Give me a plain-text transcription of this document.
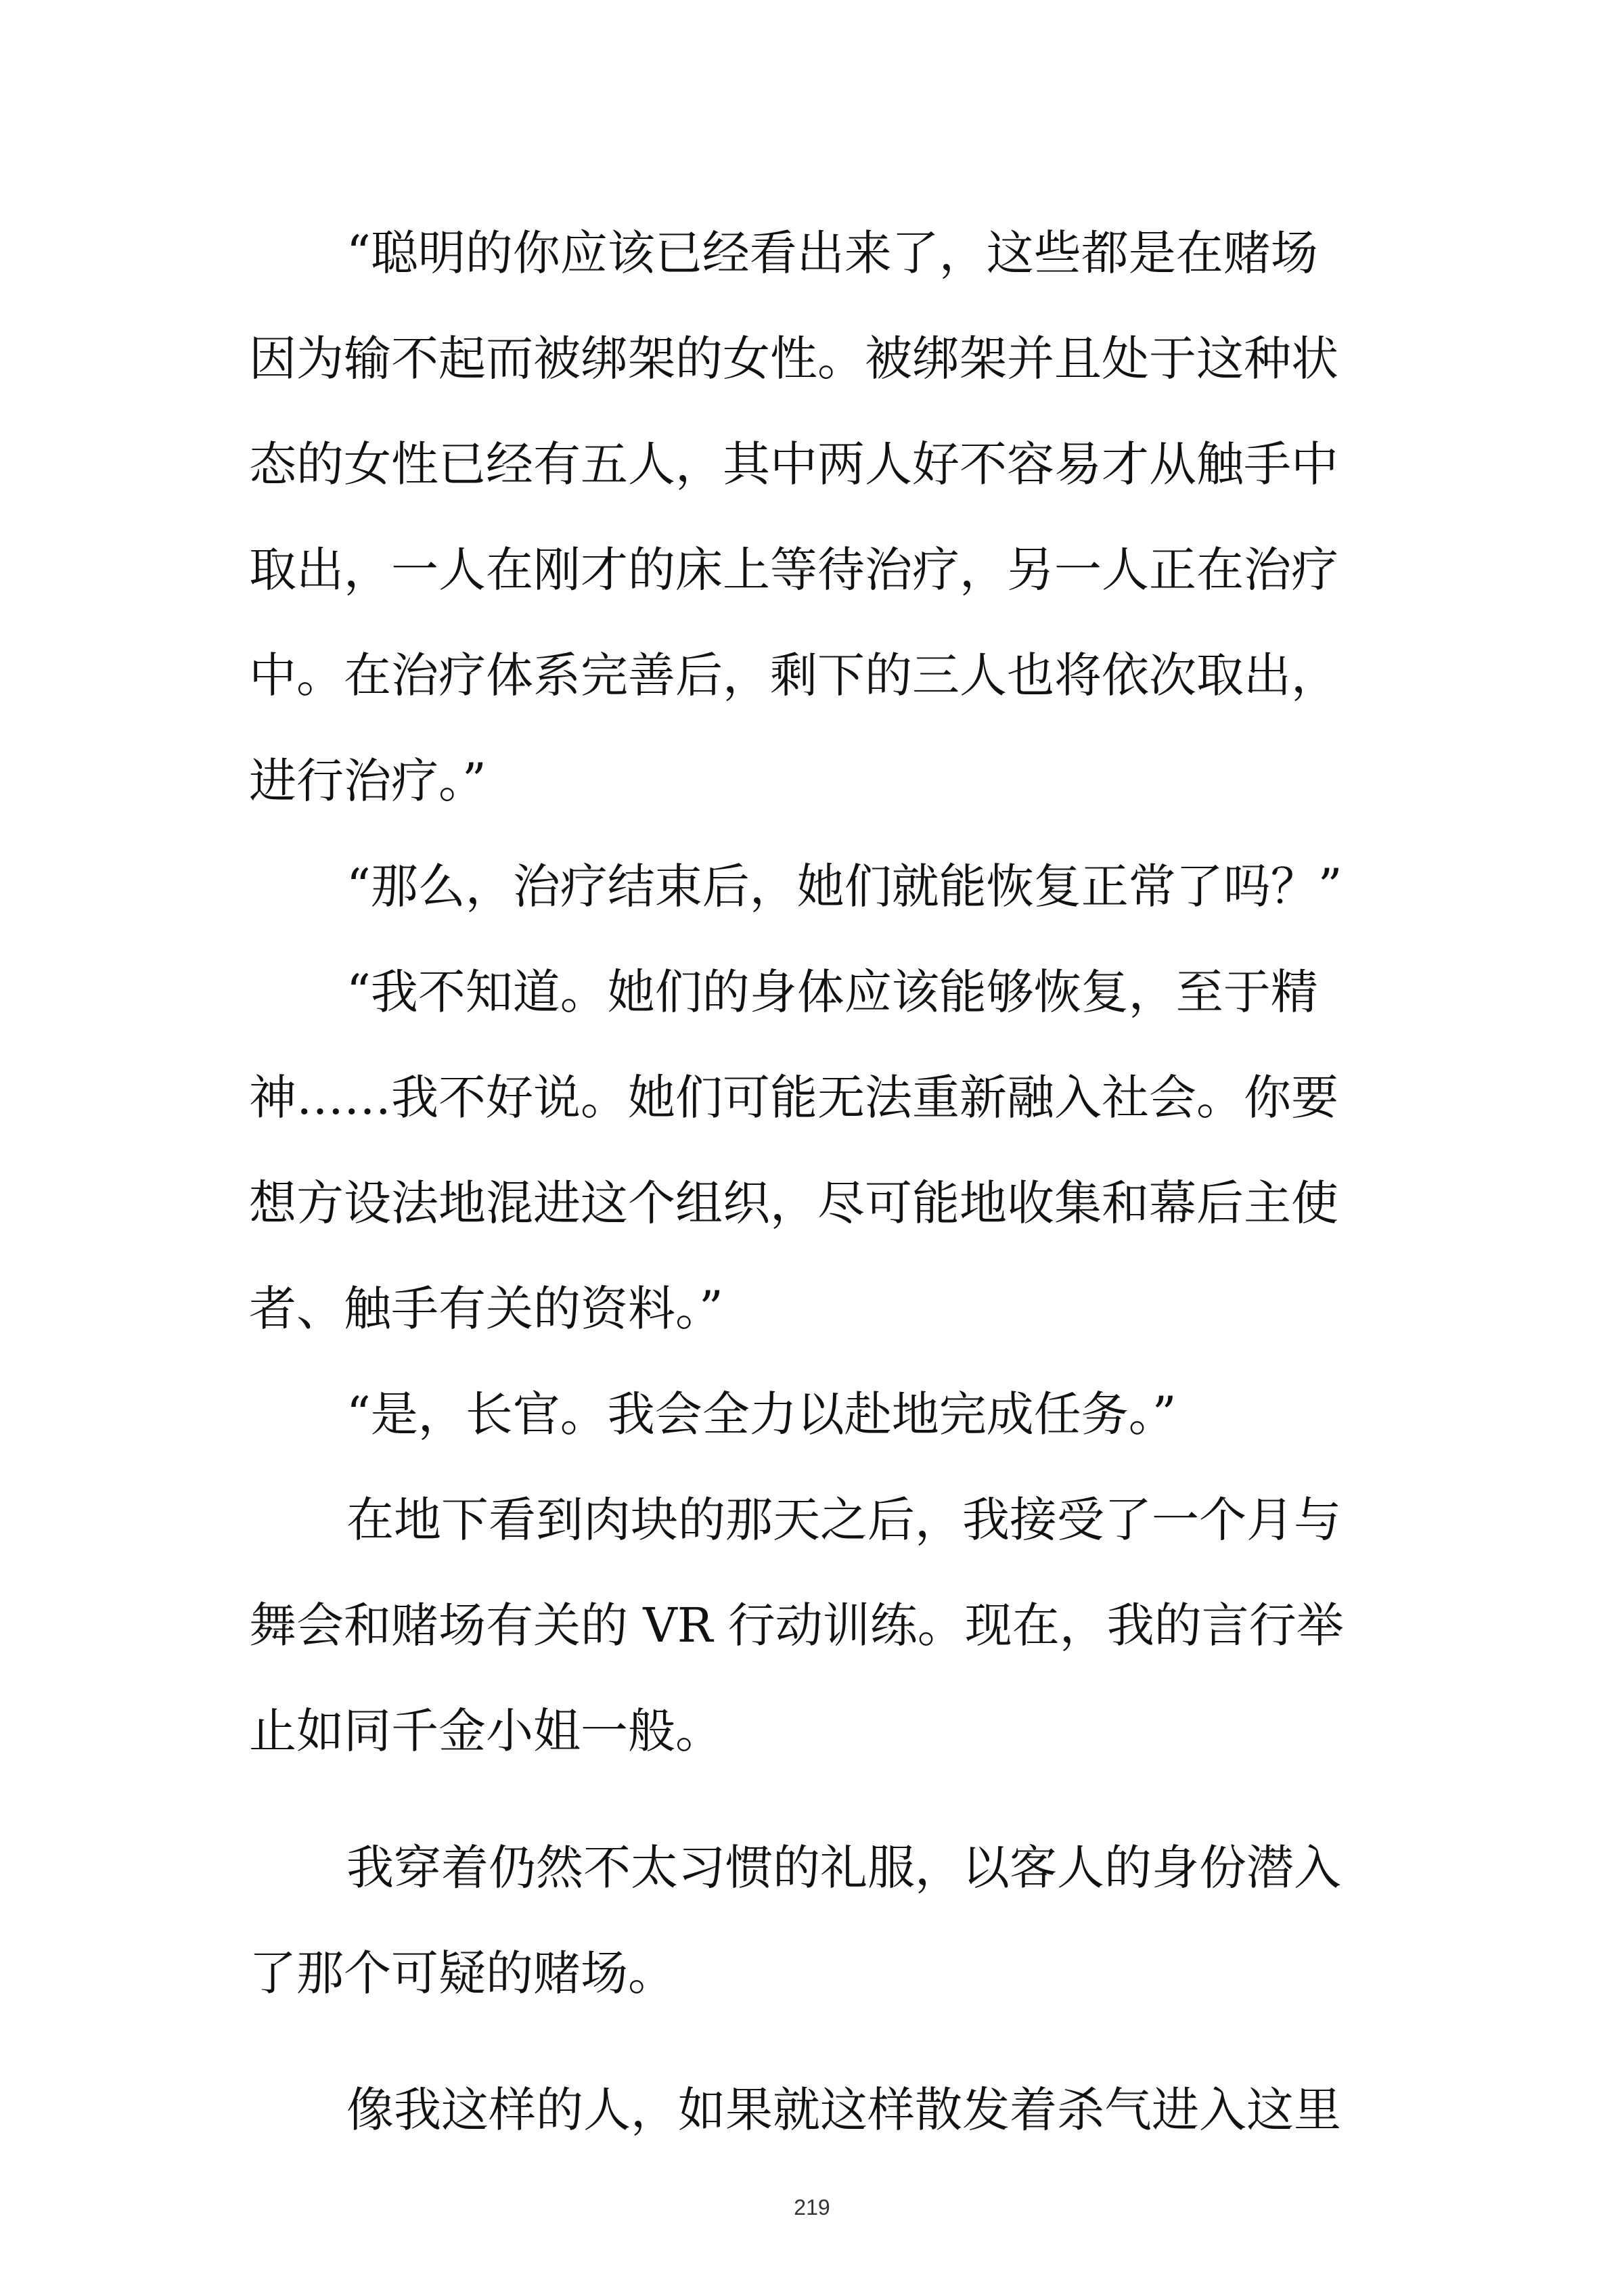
“聪明的你应该已经看出来了，这些都是在赌场
因为输不起而被绑架的女性。被绑架并且处于这种状
态的女性已经有五人，其中两人好不容易才从触手中
取出，一人在刚才的床上等待治疗，另一人正在治疗
中。在治疗体系完善后，剩下的三人也将依次取出，
进行治疗。”
“那么，治疗结束后，她们就能恢复正常了吗？”
“我不知道。她们的身体应该能够恢复，至于精
神……我不好说。她们可能无法重新融入社会。你要
想方设法地混进这个组织，尽可能地收集和幕后主使
者、触手有关的资料。”
“是，长官。我会全力以赴地完成任务。”
在地下看到肉块的那天之后，我接受了一个月与
舞会和赌场有关的 VR 行动训练。现在，我的言行举
止如同千金小姐一般。
我穿着仍然不太习惯的礼服，以客人的身份潜入
了那个可疑的赌场。
像我这样的人，如果就这样散发着杀气进入这里
219
